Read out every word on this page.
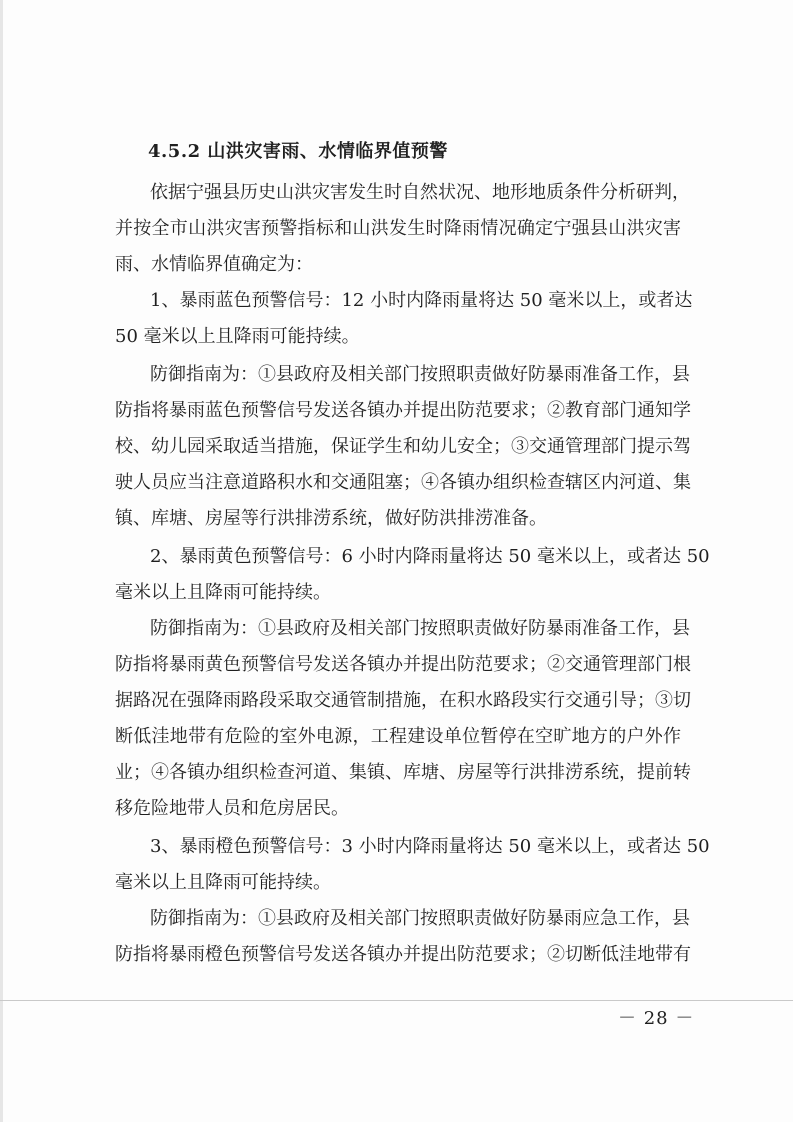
4.5.2 山洪灾害雨、水情临界值预警
依据宁强县历史山洪灾害发生时自然状况、地形地质条件分析研判，
并按全市山洪灾害预警指标和山洪发生时降雨情况确定宁强县山洪灾害
雨、水情临界值确定为：
1、暴雨蓝色预警信号：12 小时内降雨量将达 50 毫米以上，或者达
50 毫米以上且降雨可能持续。
防御指南为：①县政府及相关部门按照职责做好防暴雨准备工作，县
防指将暴雨蓝色预警信号发送各镇办并提出防范要求；②教育部门通知学
校、幼儿园采取适当措施，保证学生和幼儿安全；③交通管理部门提示驾
驶人员应当注意道路积水和交通阻塞；④各镇办组织检查辖区内河道、集
镇、库塘、房屋等行洪排涝系统，做好防洪排涝准备。
2、暴雨黄色预警信号：6 小时内降雨量将达 50 毫米以上，或者达 50
毫米以上且降雨可能持续。
防御指南为：①县政府及相关部门按照职责做好防暴雨准备工作，县
防指将暴雨黄色预警信号发送各镇办并提出防范要求；②交通管理部门根
据路况在强降雨路段采取交通管制措施，在积水路段实行交通引导；③切
断低洼地带有危险的室外电源，工程建设单位暂停在空旷地方的户外作
业；④各镇办组织检查河道、集镇、库塘、房屋等行洪排涝系统，提前转
移危险地带人员和危房居民。
3、暴雨橙色预警信号：3 小时内降雨量将达 50 毫米以上，或者达 50
毫米以上且降雨可能持续。
防御指南为：①县政府及相关部门按照职责做好防暴雨应急工作，县
防指将暴雨橙色预警信号发送各镇办并提出防范要求；②切断低洼地带有
－ 28 －
